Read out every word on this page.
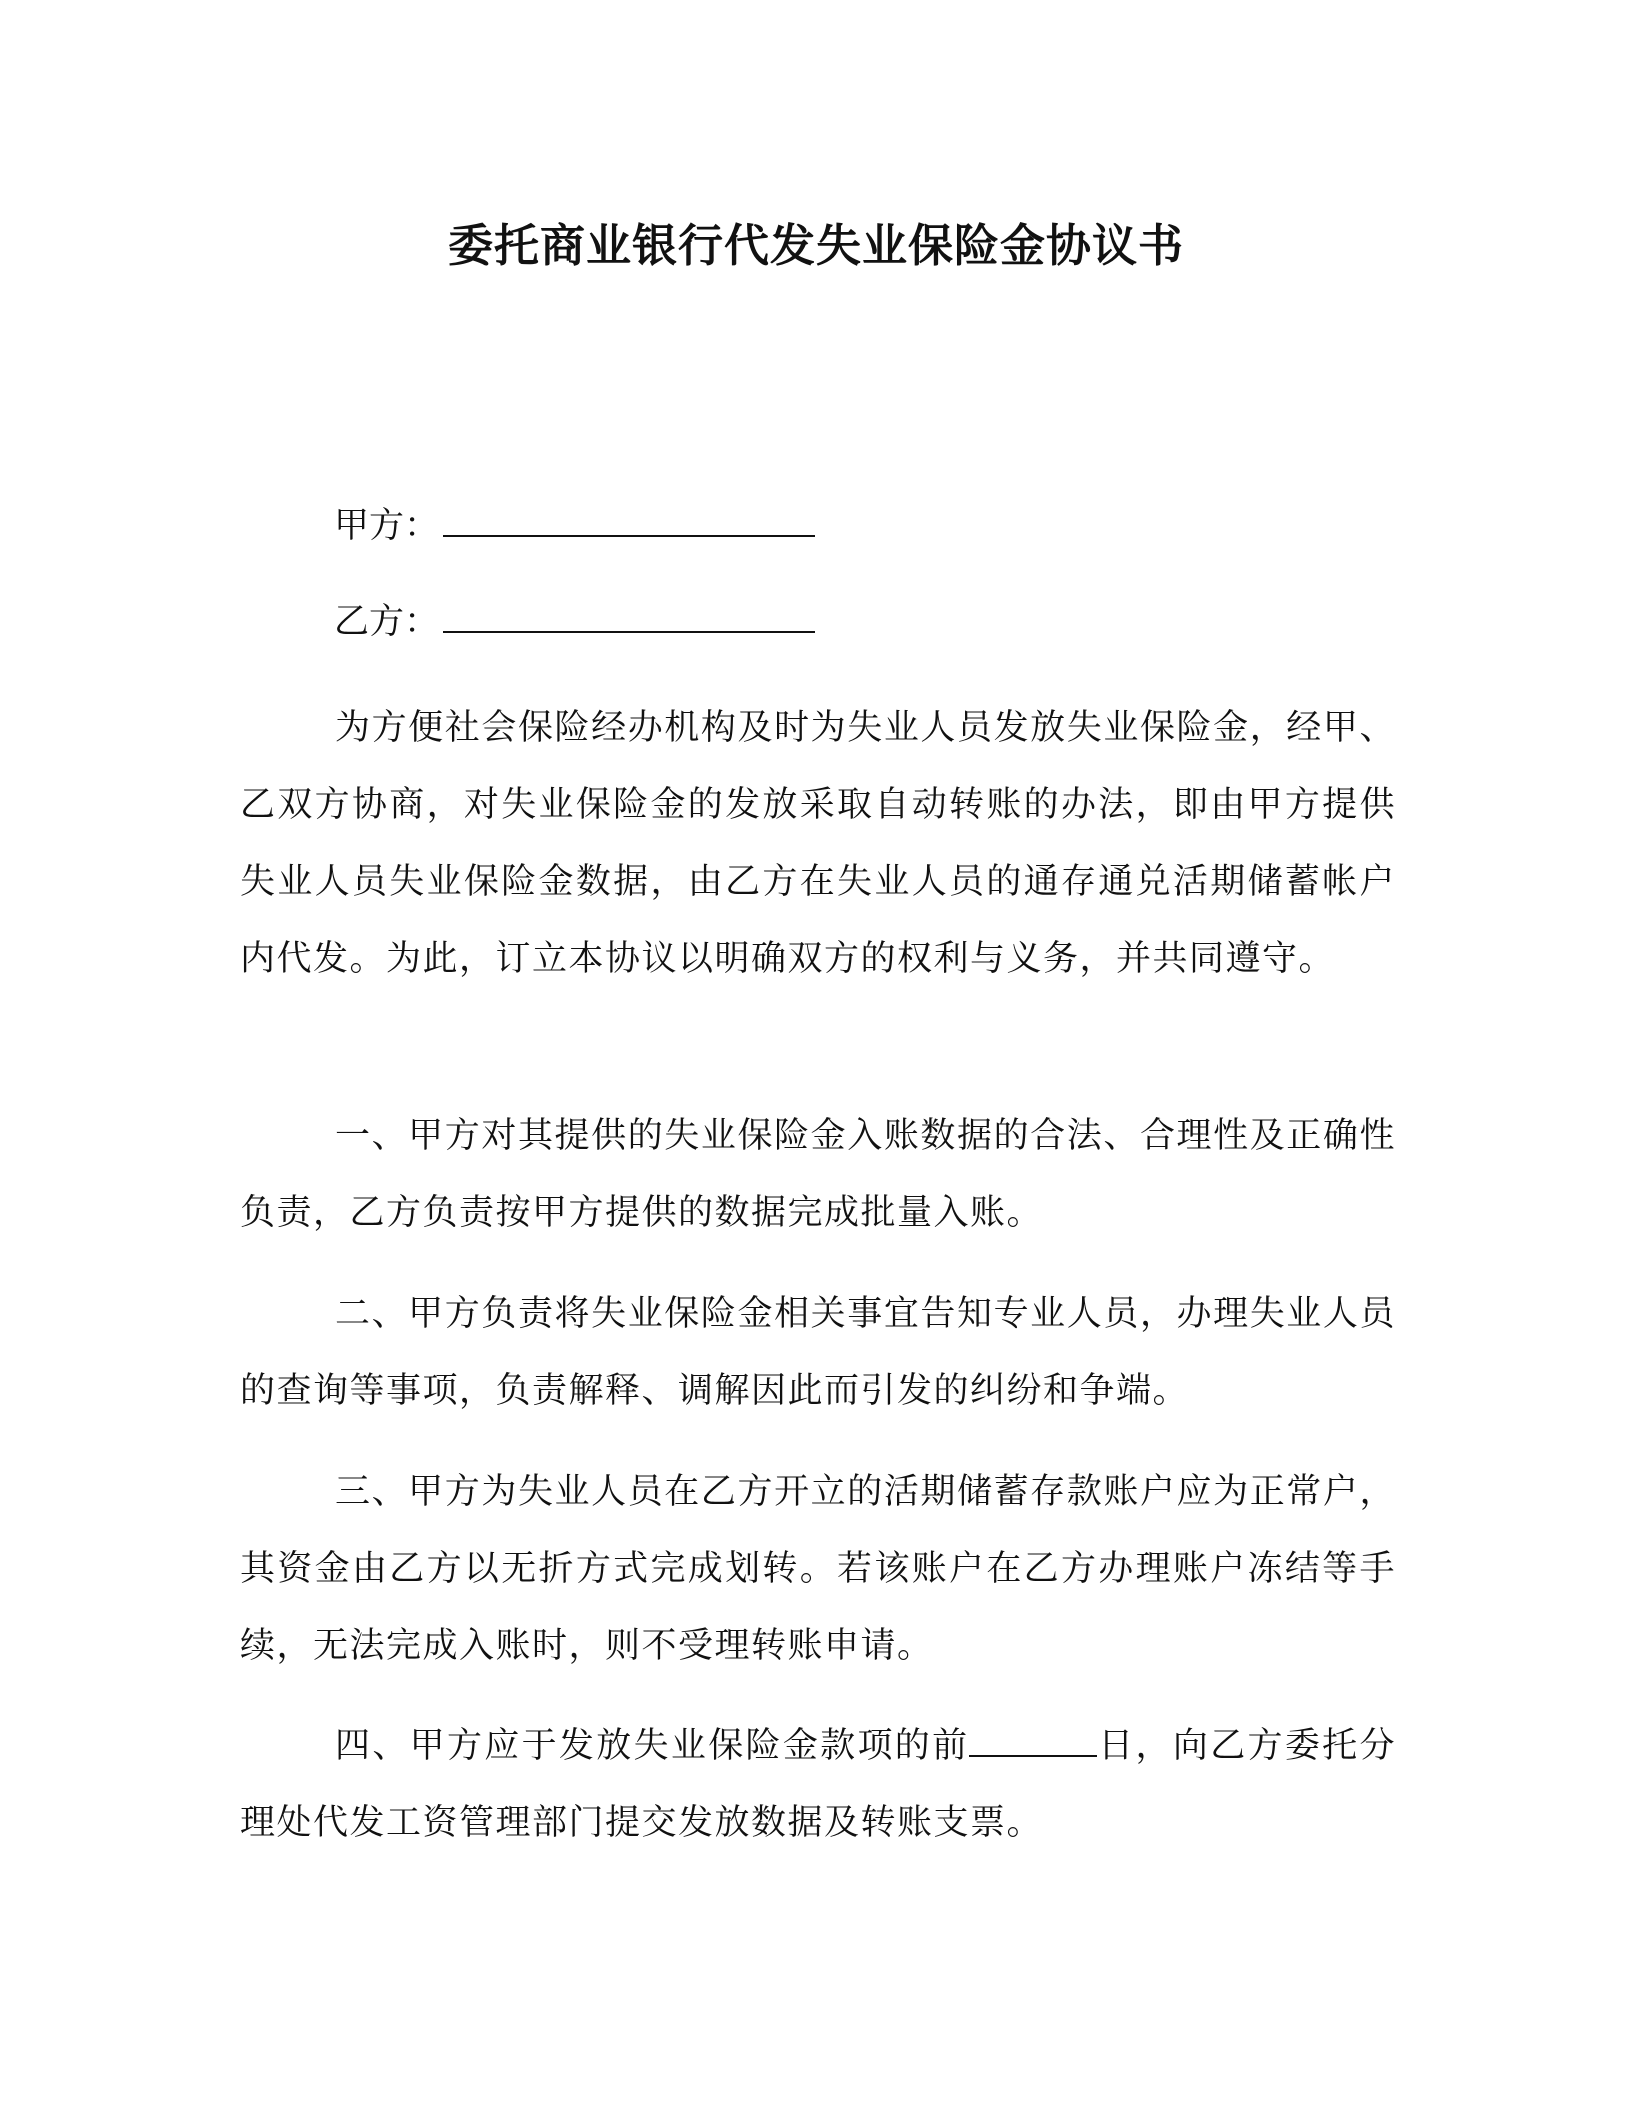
委托商业银行代发失业保险金协议书
甲方：
乙方：
为方便社会保险经办机构及时为失业人员发放失业保险金，经甲、乙双方协商，对失业保险金的发放采取自动转账的办法，即由甲方提供失业人员失业保险金数据，由乙方在失业人员的通存通兑活期储蓄帐户内代发。为此，订立本协议以明确双方的权利与义务，并共同遵守。
一、甲方对其提供的失业保险金入账数据的合法、合理性及正确性负责，乙方负责按甲方提供的数据完成批量入账。
二、甲方负责将失业保险金相关事宜告知专业人员，办理失业人员的查询等事项，负责解释、调解因此而引发的纠纷和争端。
三、甲方为失业人员在乙方开立的活期储蓄存款账户应为正常户，其资金由乙方以无折方式完成划转。若该账户在乙方办理账户冻结等手续，无法完成入账时，则不受理转账申请。
四、甲方应于发放失业保险金款项的前	日，向乙方委托分理处代发工资管理部门提交发放数据及转账支票。
